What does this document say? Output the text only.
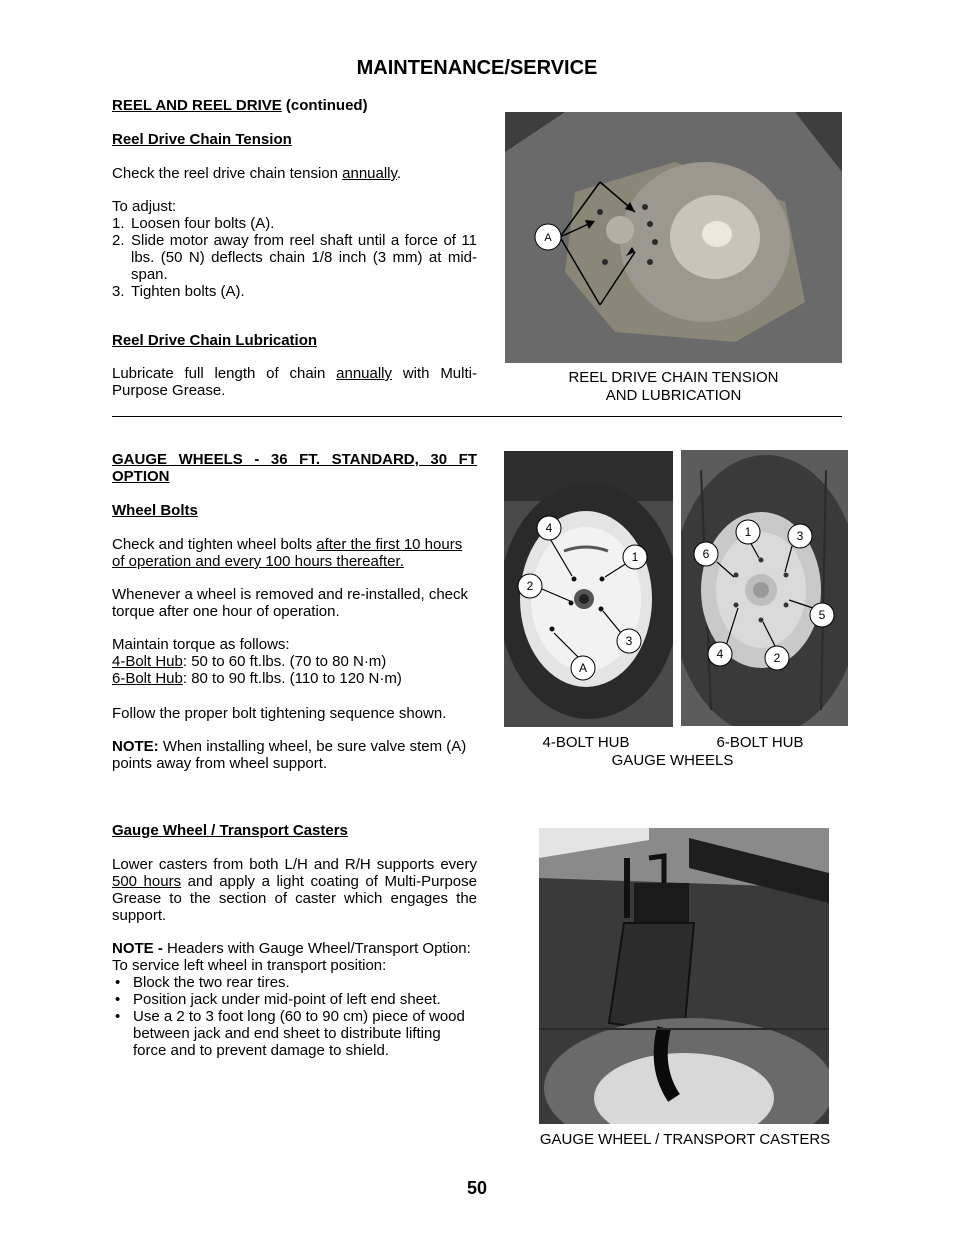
MAINTENANCE/SERVICE
REEL AND REEL DRIVE (continued)
Reel Drive Chain Tension

Check the reel drive chain tension annually.

To adjust:
1. Loosen four bolts (A).
2. Slide motor away from reel shaft until a force of 11 lbs. (50 N) deflects chain 1/8 inch (3 mm) at mid-span.
3. Tighten bolts (A).
Reel Drive Chain Lubrication

Lubricate full length of chain annually with Multi-Purpose Grease.

A
REEL DRIVE CHAIN TENSION
AND LUBRICATION
GAUGE WHEELS - 36 FT. STANDARD, 30 FT OPTION
Wheel Bolts

Check and tighten wheel bolts after the first 10 hours of operation and every 100 hours thereafter.

Whenever a wheel is removed and re-installed, check torque after one hour of operation.

Maintain torque as follows:
4-Bolt Hub: 50 to 60 ft.lbs. (70 to 80 N·m)
6-Bolt Hub: 80 to 90 ft.lbs. (110 to 120 N·m)

Follow the proper bolt tightening sequence shown.

NOTE: When installing wheel, be sure valve stem (A) points away from wheel support.

4
1
2
3
A
1	3
6
5
4	2
4-BOLT HUB	6-BOLT HUB
GAUGE WHEELS
Gauge Wheel / Transport Casters

Lower casters from both L/H and R/H supports every 500 hours and apply a light coating of Multi-Purpose Grease to the section of caster which engages the support.

NOTE - Headers with Gauge Wheel/Transport Option: To service left wheel in transport position:

• Block the two rear tires.
• Position jack under mid-point of left end sheet.
• Use a 2 to 3 foot long (60 to 90 cm) piece of wood between jack and end sheet to distribute lifting force and to prevent damage to shield.
GAUGE WHEEL / TRANSPORT CASTERS
50
